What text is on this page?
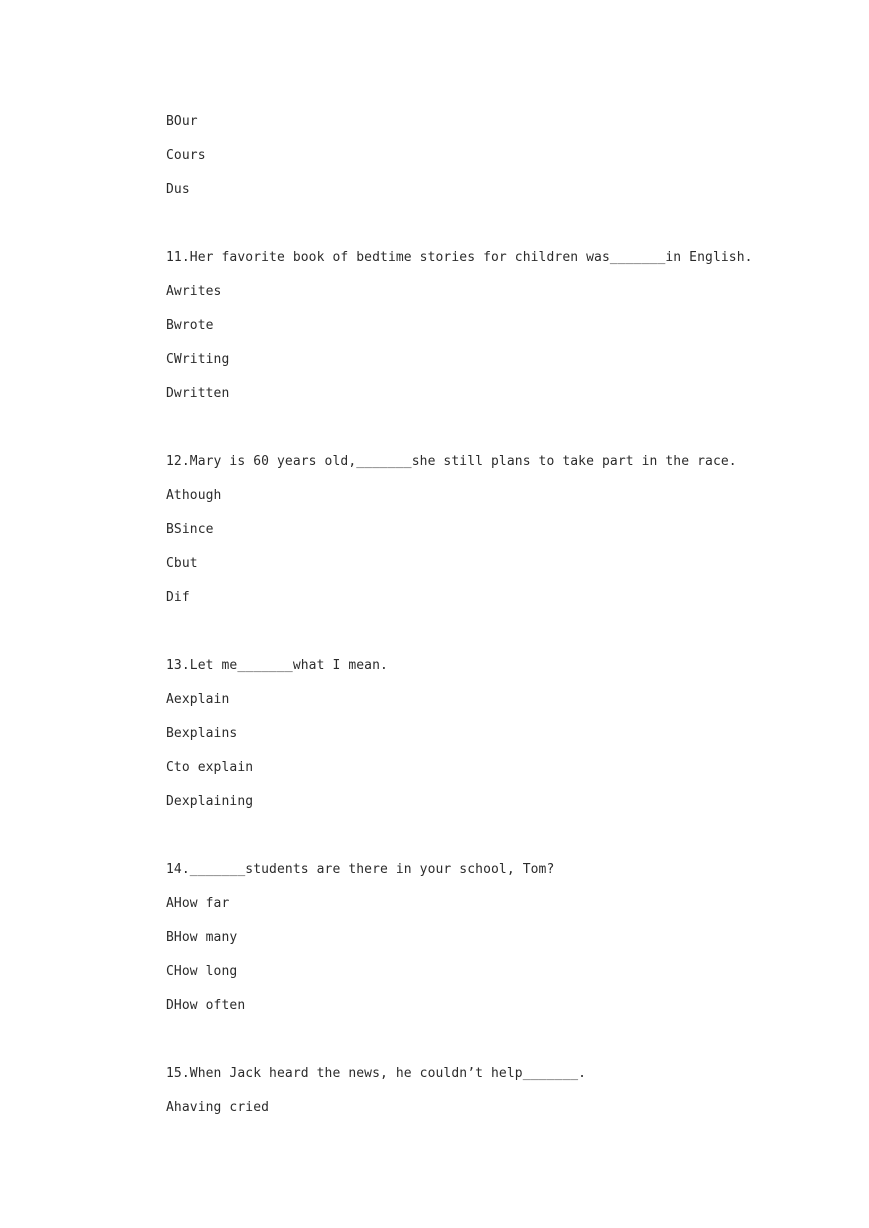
BOur
Cours
Dus
11.Her favorite book of bedtime stories for children was_______in English.
Awrites
Bwrote
CWriting
Dwritten
12.Mary is 60 years old,_______she still plans to take part in the race.
Athough
BSince
Cbut
Dif
13.Let me_______what I mean.
Aexplain
Bexplains
Cto explain
Dexplaining
14._______students are there in your school, Tom?
AHow far
BHow many
CHow long
DHow often
15.When Jack heard the news, he couldn’t help_______.
Ahaving cried
